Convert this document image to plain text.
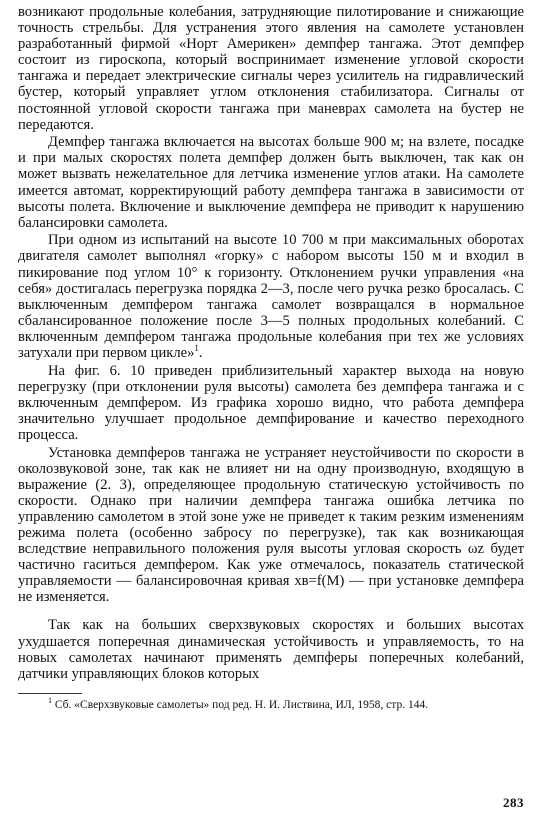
возникают продольные колебания, затрудняющие пилотирование и снижающие точность стрельбы. Для устранения этого явления на самолете установлен разработанный фирмой «Норт Америкен» демпфер тангажа. Этот демпфер состоит из гироскопа, который воспринимает изменение угловой скорости тангажа и передает электрические сигналы через усилитель на гидравлический бустер, который управляет углом отклонения стабилизатора. Сигналы от постоянной угловой скорости тангажа при маневрах самолета на бустер не передаются.

Демпфер тангажа включается на высотах больше 900 м; на взлете, посадке и при малых скоростях полета демпфер должен быть выключен, так как он может вызвать нежелательное для летчика изменение углов атаки. На самолете имеется автомат, корректирующий работу демпфера тангажа в зависимости от высоты полета. Включение и выключение демпфера не приводит к нарушению балансировки самолета.

При одном из испытаний на высоте 10 700 м при максимальных оборотах двигателя самолет выполнял «горку» с набором высоты 150 м и входил в пикирование под углом 10° к горизонту. Отклонением ручки управления «на себя» достигалась перегрузка порядка 2—3, после чего ручка резко бросалась. С выключенным демпфером тангажа самолет возвращался в нормальное сбалансированное положение после 3—5 полных продольных колебаний. С включенным демпфером тангажа продольные колебания при тех же условиях затухали при первом цикле»$^1$.

На фиг. 6. 10 приведен приблизительный характер выхода на новую перегрузку (при отклонении руля высоты) самолета без демпфера тангажа и с включенным демпфером. Из графика хорошо видно, что работа демпфера значительно улучшает продольное демпфирование и качество переходного процесса.

Установка демпферов тангажа не устраняет неустойчивости по скорости в околозвуковой зоне, так как не влияет ни на одну производную, входящую в выражение (2. 3), определяющее продольную статическую устойчивость по скорости. Однако при наличии демпфера тангажа ошибка летчика по управлению самолетом в этой зоне уже не приведет к таким резким изменениям режима полета (особенно забросу по перегрузке), так как возникающая вследствие неправильного положения руля высоты угловая скорость ωz будет частично гаситься демпфером. Как уже отмечалось, показатель статической управляемости — балансировочная кривая xв=f(M) — при установке демпфера не изменяется.

Так как на больших сверхзвуковых скоростях и больших высотах ухудшается поперечная динамическая устойчивость и управляемость, то на новых самолетах начинают применять демпферы поперечных колебаний, датчики управляющих блоков которых

$^1$ Сб. «Сверхзвуковые самолеты» под ред. Н. И. Листвина, ИЛ, 1958, стр. 144.

283
